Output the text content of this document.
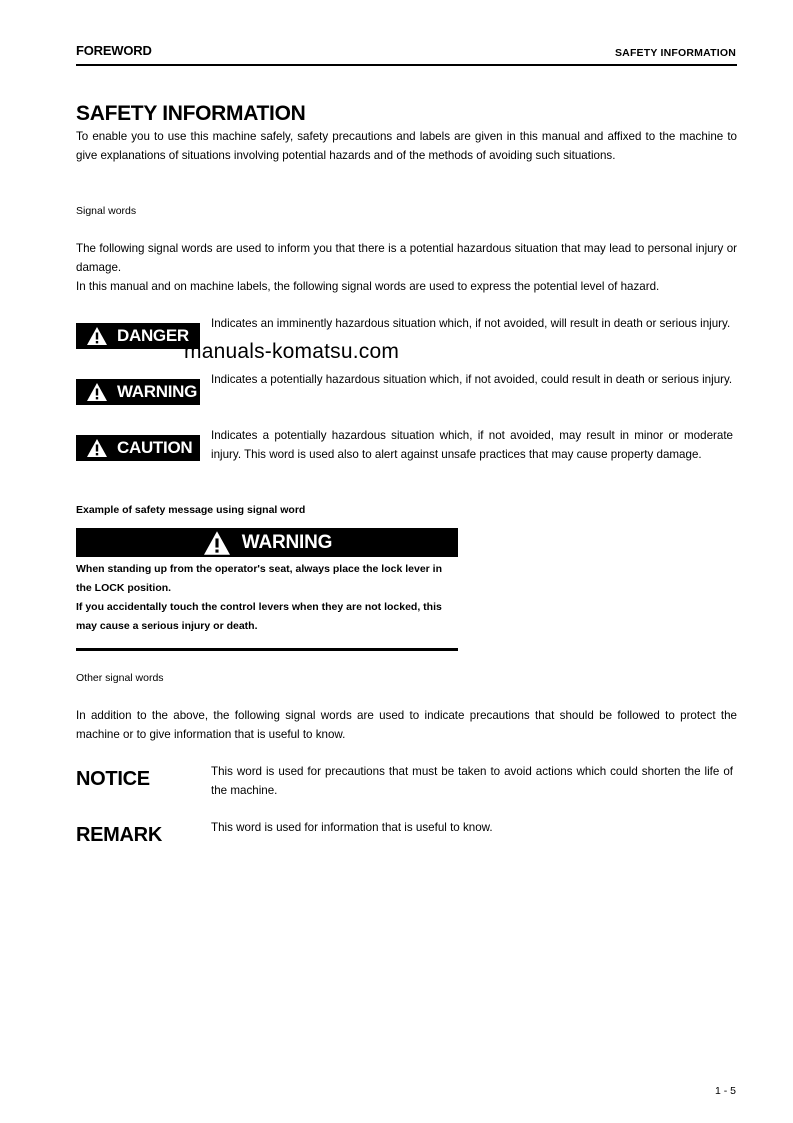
FOREWORD	SAFETY INFORMATION
SAFETY INFORMATION
To enable you to use this machine safely, safety precautions and labels are given in this manual and affixed to the machine to give explanations of situations involving potential hazards and of the methods of avoiding such situations.
Signal words
The following signal words are used to inform you that there is a potential hazardous situation that may lead to personal injury or damage.
In this manual and on machine labels, the following signal words are used to express the potential level of hazard.
DANGER
Indicates an imminently hazardous situation which, if not avoided, will result in death or serious injury.
WARNING
Indicates a potentially hazardous situation which, if not avoided, could result in death or serious injury.
CAUTION
Indicates a potentially hazardous situation which, if not avoided, may result in minor or moderate injury. This word is used also to alert against unsafe practices that may cause property damage.
manuals-komatsu.com
Example of safety message using signal word
WARNING
When standing up from the operator's seat, always place the lock lever in the LOCK position.
If you accidentally touch the control levers when they are not locked, this may cause a serious injury or death.
Other signal words
In addition to the above, the following signal words are used to indicate precautions that should be followed to protect the machine or to give information that is useful to know.
NOTICE	This word is used for precautions that must be taken to avoid actions which could shorten the life of the machine.
REMARK	This word is used for information that is useful to know.
1 - 5
